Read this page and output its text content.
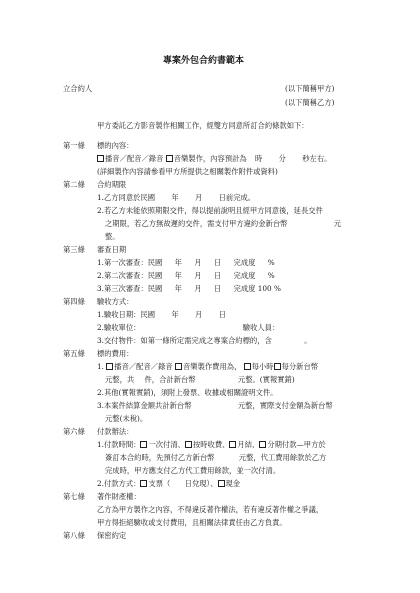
專案外包合約書範本
立合約人	(以下簡稱甲方)
(以下簡稱乙方)
甲方委託乙方影音製作相關工作，經雙方同意所訂合約條款如下：
第一條 標的內容：
播音／配音／錄音 音樂製作，內容預計為 時 分 秒左右。
(詳細製作內容請參看甲方所提供之相關製作附件或資料)
第二條 合約期限
1.乙方同意於民國 年 月 日前完成。
2.若乙方未能依照期限交件，得以提前說明且經甲方同意後，延長交件
之期限，若乙方無故遲約交件，需支付甲方違約金新台幣	元
整。
第三條 審查日期
1.第一次審查：民國 年 月 日 完成度 %
2.第二次審查：民國 年 月 日 完成度 %
3.第三次審查：民國 年 月 日 完成度 100 %
第四條 驗收方式：
1.驗收日期：民國 年 月 日
2.驗收單位：	驗收人員：
3.交付物件：如第一條所定需完成之專案合約標的，含	。
第五條 標的費用：
1. 播音／配音／錄音 音樂製作費用為， 每小時 每分新台幣
元整，共 件，合計新台幣	元整。(實報實銷)
2.其他(實報實銷)，須附上發票、收據或相關證明文件。
3.本案件結算金額共計新台幣	元整，實際支付金額為新台幣
元整(未稅)。
第六條 付款辦法：
1.付款時間： 一次付清、 按時收費、 月結、 分期付款—甲方於
簽訂本合約時，先預付乙方新台幣	元整，代工費用餘款於乙方
完成時，甲方應支付乙方代工費用餘款，並一次付清。
2.付款方式： 支票（ 日兌現）、 現金
第七條 著作財產權：
乙方為甲方製作之內容，不得違反著作權法，若有違反著作權之爭議，
甲方得拒絕驗收或支付費用，且相關法律責任由乙方負責。
第八條 保密約定
